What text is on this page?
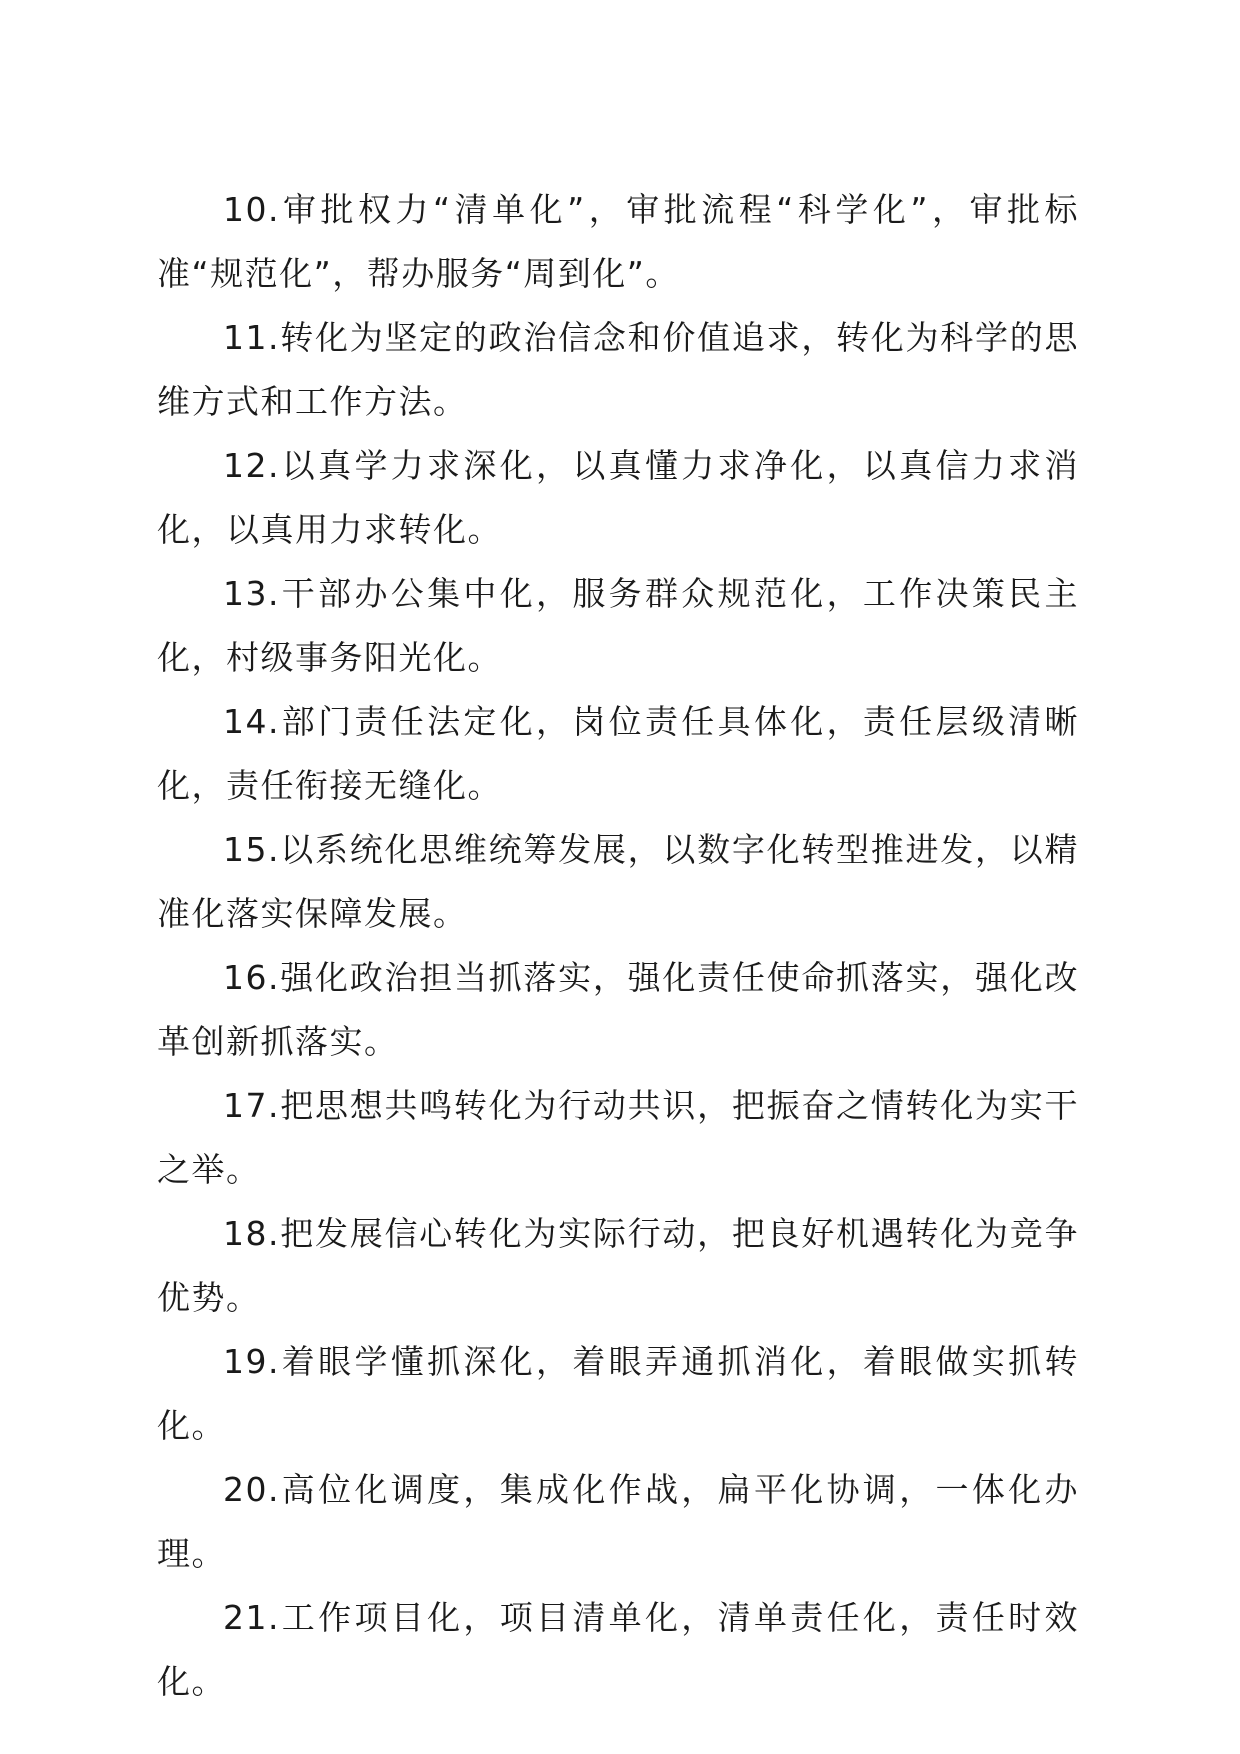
10.审批权力“清单化”，审批流程“科学化”，审批标准“规范化”，帮办服务“周到化”。

11.转化为坚定的政治信念和价值追求，转化为科学的思维方式和工作方法。

12.以真学力求深化，以真懂力求净化，以真信力求消化，以真用力求转化。

13.干部办公集中化，服务群众规范化，工作决策民主化，村级事务阳光化。

14.部门责任法定化，岗位责任具体化，责任层级清晰化，责任衔接无缝化。

15.以系统化思维统筹发展，以数字化转型推进发，以精准化落实保障发展。

16.强化政治担当抓落实，强化责任使命抓落实，强化改革创新抓落实。

17.把思想共鸣转化为行动共识，把振奋之情转化为实干之举。

18.把发展信心转化为实际行动，把良好机遇转化为竞争优势。

19.着眼学懂抓深化，着眼弄通抓消化，着眼做实抓转化。

20.高位化调度，集成化作战，扁平化协调，一体化办理。

21.工作项目化，项目清单化，清单责任化，责任时效化。
